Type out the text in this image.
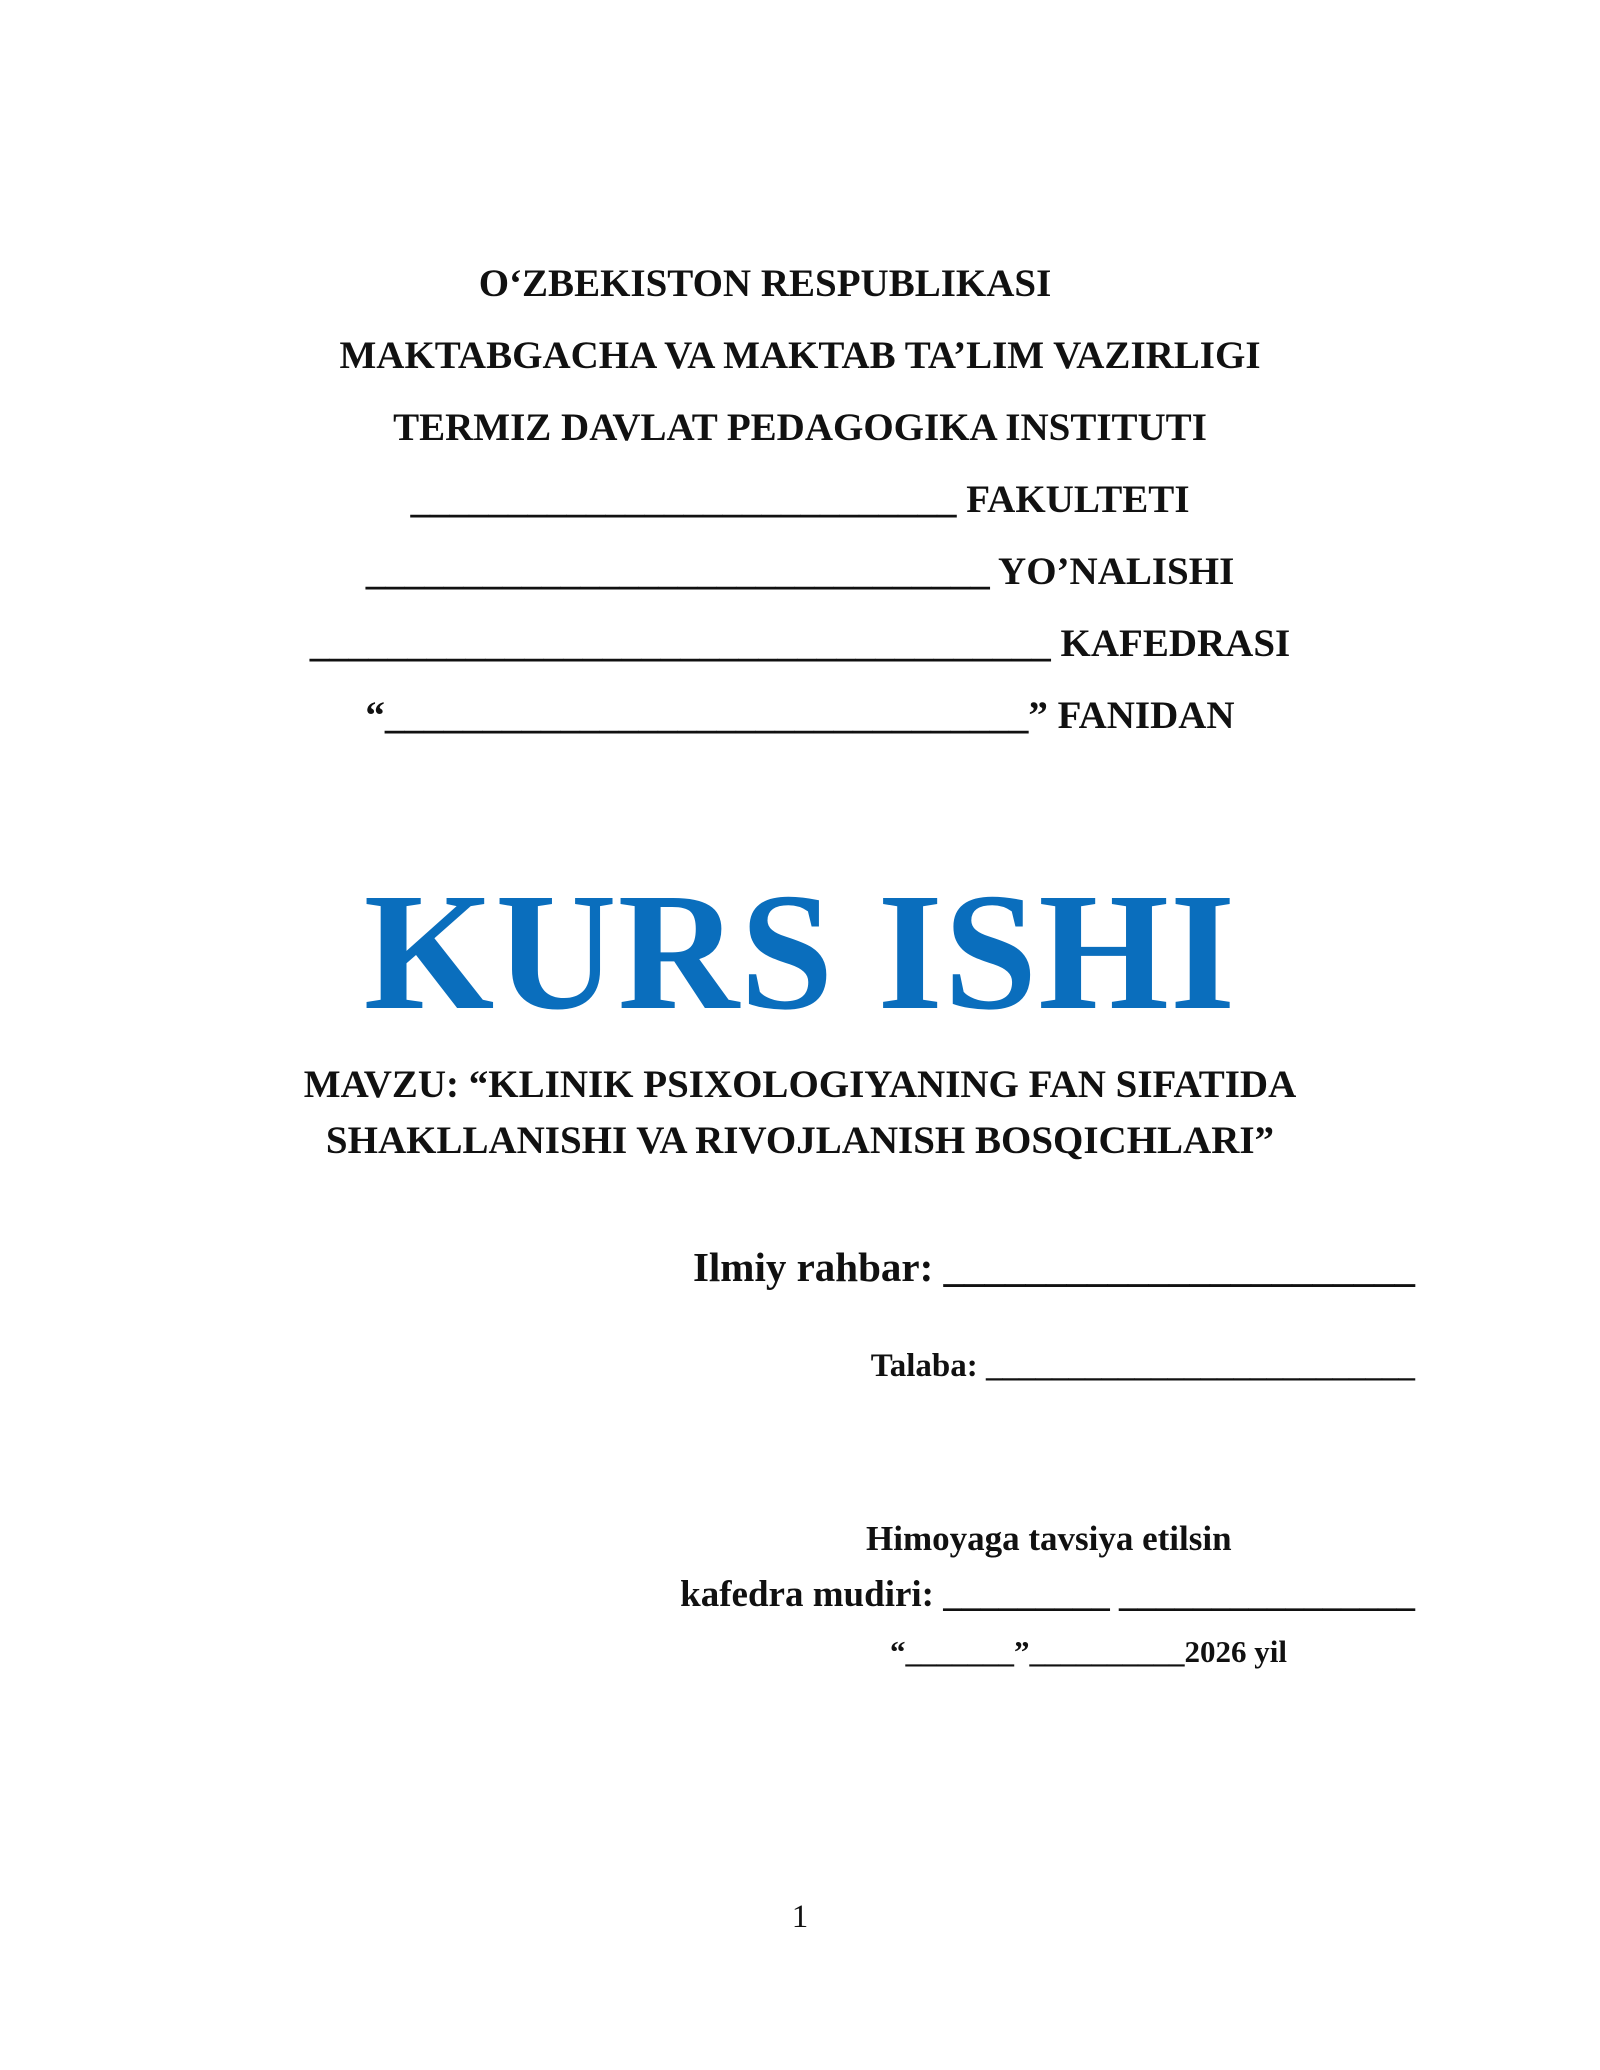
O‘ZBEKISTON RESPUBLIKASI
MAKTABGACHA VA MAKTAB TA’LIM VAZIRLIGI
TERMIZ DAVLAT PEDAGOGIKA INSTITUTI
____________________________ FAKULTETI
________________________________ YO’NALISHI
______________________________________ KAFEDRASI
“_________________________________” FANIDAN
KURS ISHI
MAVZU: “KLINIK PSIXOLOGIYANING FAN SIFATIDA
SHAKLLANISHI VA RIVOJLANISH BOSQICHLARI”
Ilmiy rahbar: _______________________
Talaba: __________________________
Himoyaga tavsiya etilsin
kafedra mudiri: _________ ________________
“_______”__________2026 yil
1
